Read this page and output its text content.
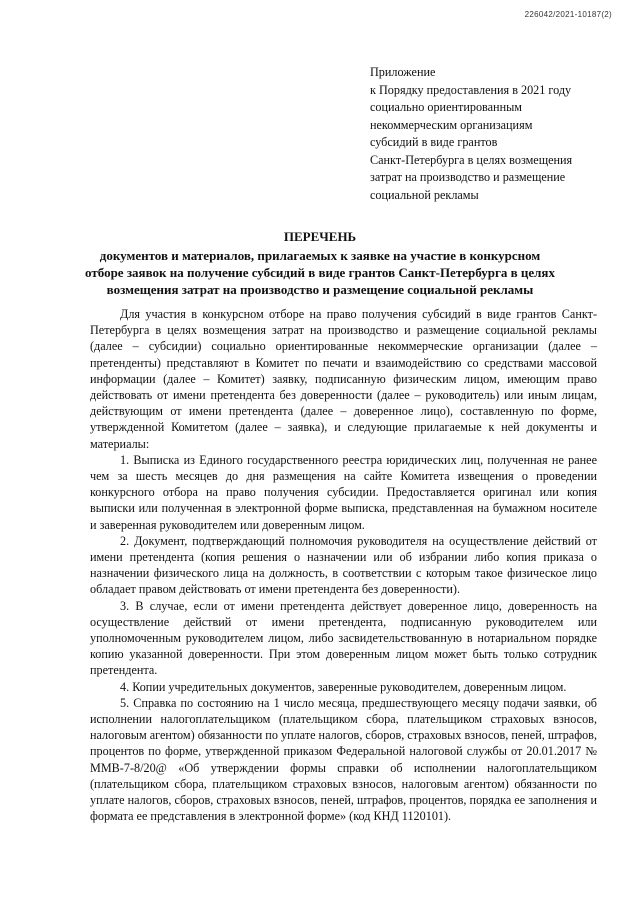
226042/2021-10187(2)
Приложение
к Порядку предоставления в 2021 году
социально ориентированным
некоммерческим организациям
субсидий в виде грантов
Санкт-Петербурга в целях возмещения
затрат на производство и размещение
социальной рекламы
ПЕРЕЧЕНЬ
документов и материалов, прилагаемых к заявке на участие в конкурсном отборе заявок на получение субсидий в виде грантов Санкт-Петербурга в целях возмещения затрат на производство и размещение социальной рекламы

Для участия в конкурсном отборе на право получения субсидий в виде грантов Санкт-Петербурга в целях возмещения затрат на производство и размещение социальной рекламы (далее – субсидии) социально ориентированные некоммерческие организации (далее – претенденты) представляют в Комитет по печати и взаимодействию со средствами массовой информации (далее – Комитет) заявку, подписанную физическим лицом, имеющим право действовать от имени претендента без доверенности (далее – руководитель) или иным лицам, действующим от имени претендента (далее – доверенное лицо), составленную по форме, утвержденной Комитетом (далее – заявка), и следующие прилагаемые к ней документы и материалы:

1. Выписка из Единого государственного реестра юридических лиц, полученная не ранее чем за шесть месяцев до дня размещения на сайте Комитета извещения о проведении конкурсного отбора на право получения субсидии. Предоставляется оригинал или копия выписки или полученная в электронной форме выписка, представленная на бумажном носителе и заверенная руководителем или доверенным лицом.

2. Документ, подтверждающий полномочия руководителя на осуществление действий от имени претендента (копия решения о назначении или об избрании либо копия приказа о назначении физического лица на должность, в соответствии с которым такое физическое лицо обладает правом действовать от имени претендента без доверенности).

3. В случае, если от имени претендента действует доверенное лицо, доверенность на осуществление действий от имени претендента, подписанную руководителем или уполномоченным руководителем лицом, либо засвидетельствованную в нотариальном порядке копию указанной доверенности. При этом доверенным лицом может быть только сотрудник претендента.

4. Копии учредительных документов, заверенные руководителем, доверенным лицом.

5. Справка по состоянию на 1 число месяца, предшествующего месяцу подачи заявки, об исполнении налогоплательщиком (плательщиком сбора, плательщиком страховых взносов, налоговым агентом) обязанности по уплате налогов, сборов, страховых взносов, пеней, штрафов, процентов по форме, утвержденной приказом Федеральной налоговой службы от 20.01.2017 № ММВ-7-8/20@ «Об утверждении формы справки об исполнении налогоплательщиком (плательщиком сбора, плательщиком страховых взносов, налоговым агентом) обязанности по уплате налогов, сборов, страховых взносов, пеней, штрафов, процентов, порядка ее заполнения и формата ее представления в электронной форме» (код КНД 1120101).
